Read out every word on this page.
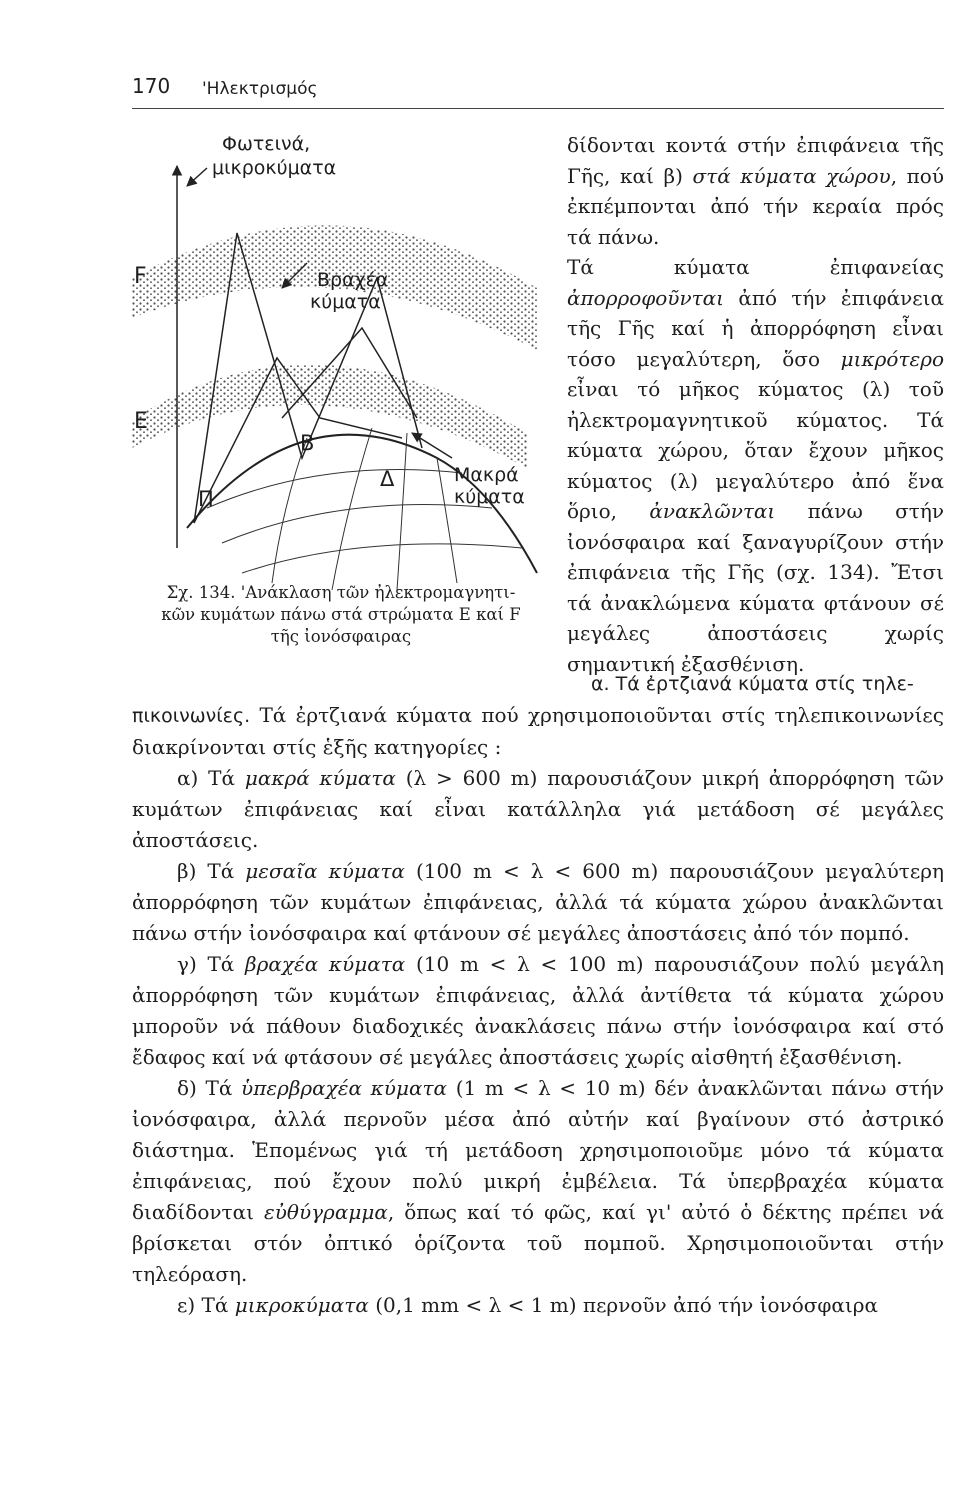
170 'Ηλεκτρισμός
Φωτεινά,
μικροκύματα
Βραχέα
κύματα
Μακρά
κύματα
F
E
Π
Β
Δ
Σχ. 134. 'Ανάκλαση τῶν ἠλεκτρομαγνητι-
κῶν κυμάτων πάνω στά στρώματα E καί F
τῆς ἰονόσφαιρας

δίδονται κοντά στήν ἐπιφάνεια τῆς Γῆς, καί β) στά κύματα χώρου, πού ἐκπέμπονται ἀπό τήν κεραία πρός τά πάνω.

Τά κύματα ἐπιφανείας ἀπορροφοῦνται ἀπό τήν ἐπιφάνεια τῆς Γῆς καί ἡ ἀπορρόφηση εἶναι τόσο μεγαλύτερη, ὅσο μικρότερο εἶναι τό μῆκος κύματος (λ) τοῦ ἠλεκτρομαγνητικοῦ κύματος. Τά κύματα χώρου, ὅταν ἔχουν μῆκος κύματος (λ) μεγαλύτερο ἀπό ἕνα ὅριο, ἀνακλῶνται πάνω στήν ἰονόσφαιρα καί ξαναγυρίζουν στήν ἐπιφάνεια τῆς Γῆς (σχ. 134). Ἔτσι τά ἀνακλώμενα κύματα φτάνουν σέ μεγάλες ἀποστάσεις χωρίς σημαντική ἐξασθένιση.

α. Τά ἐρτζιανά κύματα στίς τηλε-

πικοινωνίες. Τά ἐρτζιανά κύματα πού χρησιμοποιοῦνται στίς τηλεπικοινωνίες διακρίνονται στίς ἑξῆς κατηγορίες :

α) Τά μακρά κύματα (λ > 600 m) παρουσιάζουν μικρή ἀπορρόφηση τῶν κυμάτων ἐπιφάνειας καί εἶναι κατάλληλα γιά μετάδοση σέ μεγάλες ἀποστάσεις.

β) Τά μεσαῖα κύματα (100 m < λ < 600 m) παρουσιάζουν μεγαλύτερη ἀπορρόφηση τῶν κυμάτων ἐπιφάνειας, ἀλλά τά κύματα χώρου ἀνακλῶνται πάνω στήν ἰονόσφαιρα καί φτάνουν σέ μεγάλες ἀποστάσεις ἀπό τόν πομπό.

γ) Τά βραχέα κύματα (10 m < λ < 100 m) παρουσιάζουν πολύ μεγάλη ἀπορρόφηση τῶν κυμάτων ἐπιφάνειας, ἀλλά ἀντίθετα τά κύματα χώρου μποροῦν νά πάθουν διαδοχικές ἀνακλάσεις πάνω στήν ἰονόσφαιρα καί στό ἔδαφος καί νά φτάσουν σέ μεγάλες ἀποστάσεις χωρίς αἰσθητή ἐξασθένιση.

δ) Τά ὑπερβραχέα κύματα (1 m < λ < 10 m) δέν ἀνακλῶνται πάνω στήν ἰονόσφαιρα, ἀλλά περνοῦν μέσα ἀπό αὐτήν καί βγαίνουν στό ἀστρικό διάστημα. Ἑπομένως γιά τή μετάδοση χρησιμοποιοῦμε μόνο τά κύματα ἐπιφάνειας, πού ἔχουν πολύ μικρή ἐμβέλεια. Τά ὑπερβραχέα κύματα διαδίδονται εὐθύγραμμα, ὅπως καί τό φῶς, καί γι' αὐτό ὁ δέκτης πρέπει νά βρίσκεται στόν ὀπτικό ὁρίζοντα τοῦ πομποῦ. Χρησιμοποιοῦνται στήν τηλεόραση.

ε) Τά μικροκύματα (0,1 mm < λ < 1 m) περνοῦν ἀπό τήν ἰονόσφαιρα
